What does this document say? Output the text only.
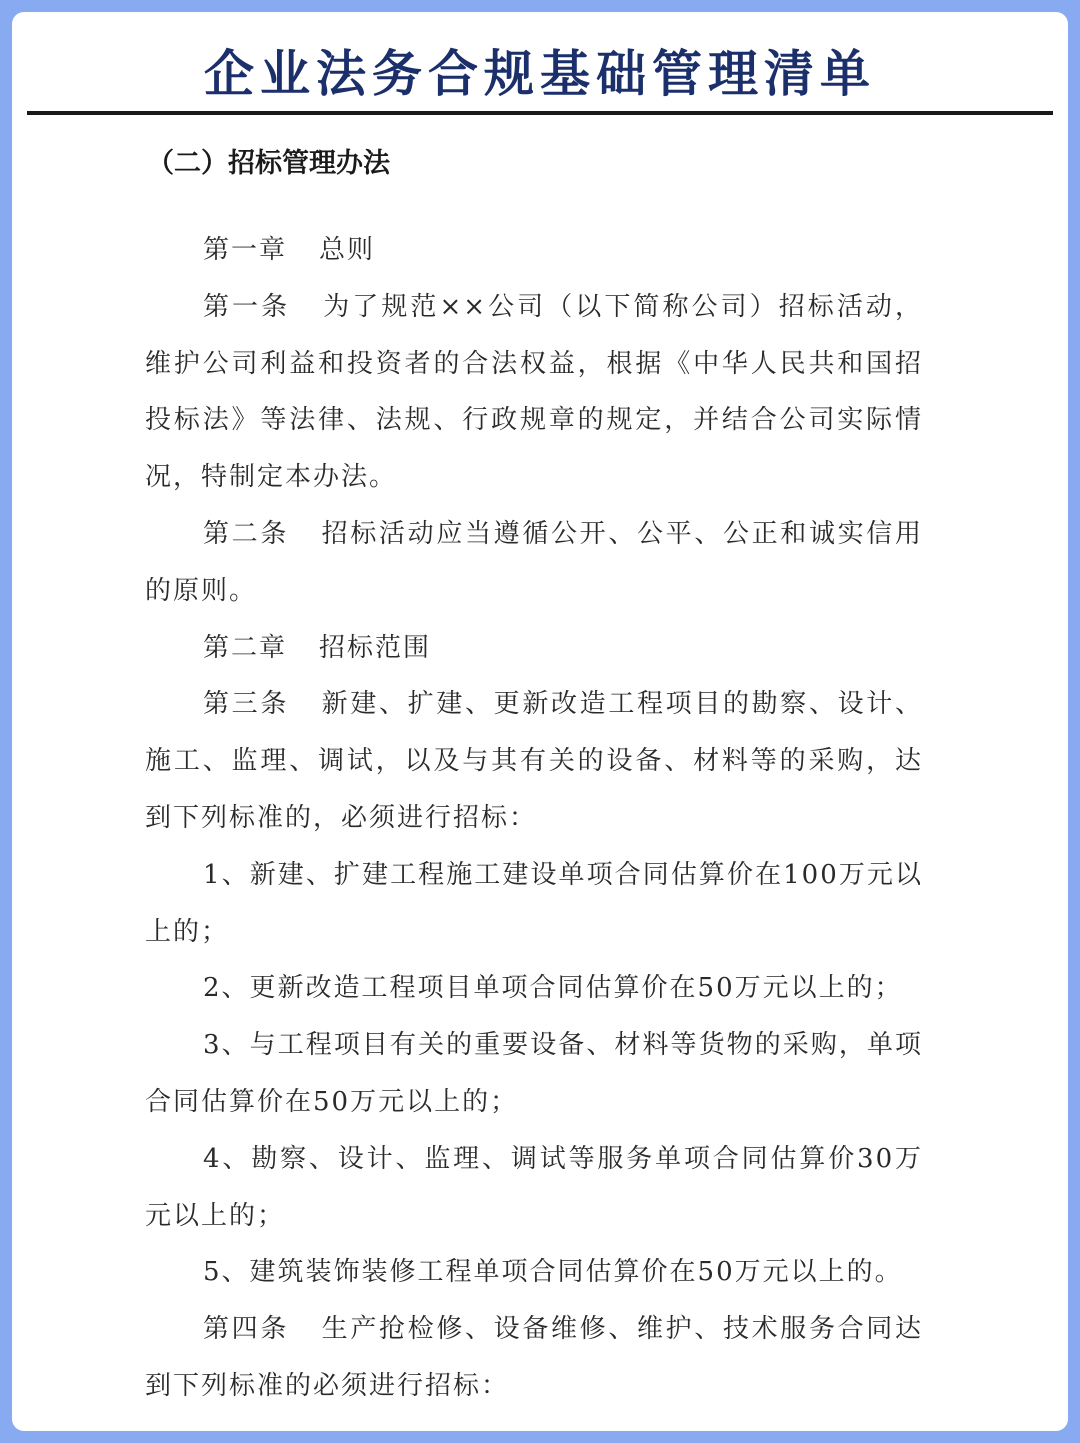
企业法务合规基础管理清单
（二）招标管理办法

第一章 总则

第一条 为了规范××公司（以下简称公司）招标活动，维护公司利益和投资者的合法权益，根据《中华人民共和国招投标法》等法律、法规、行政规章的规定，并结合公司实际情况，特制定本办法。

第二条 招标活动应当遵循公开、公平、公正和诚实信用的原则。

第二章 招标范围

第三条 新建、扩建、更新改造工程项目的勘察、设计、施工、监理、调试，以及与其有关的设备、材料等的采购，达到下列标准的，必须进行招标：

1、新建、扩建工程施工建设单项合同估算价在100万元以上的；

2、更新改造工程项目单项合同估算价在50万元以上的；

3、与工程项目有关的重要设备、材料等货物的采购，单项合同估算价在50万元以上的；

4、勘察、设计、监理、调试等服务单项合同估算价30万元以上的；

5、建筑装饰装修工程单项合同估算价在50万元以上的。

第四条 生产抢检修、设备维修、维护、技术服务合同达到下列标准的必须进行招标：
